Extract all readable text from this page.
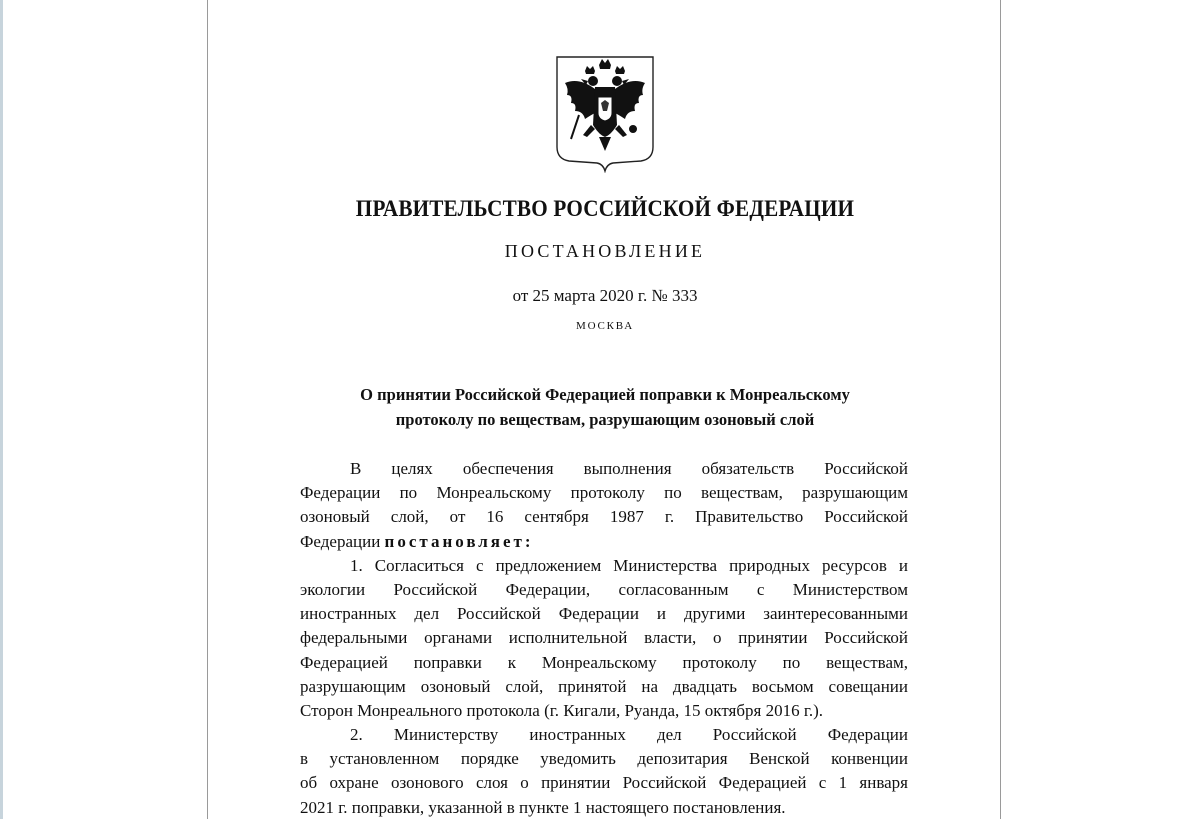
ПРАВИТЕЛЬСТВО РОССИЙСКОЙ ФЕДЕРАЦИИ
ПОСТАНОВЛЕНИЕ
от 25 марта 2020 г. № 333
МОСКВА
О принятии Российской Федерацией поправки к Монреальскому
протоколу по веществам, разрушающим озоновый слой
В целях обеспечения выполнения обязательств Российской
Федерации по Монреальскому протоколу по веществам, разрушающим
озоновый слой, от 16 сентября 1987 г. Правительство Российской
Федерации постановляет:
1. Согласиться с предложением Министерства природных ресурсов и
экологии Российской Федерации, согласованным с Министерством
иностранных дел Российской Федерации и другими заинтересованными
федеральными органами исполнительной власти, о принятии Российской
Федерацией поправки к Монреальскому протоколу по веществам,
разрушающим озоновый слой, принятой на двадцать восьмом совещании
Сторон Монреального протокола (г. Кигали, Руанда, 15 октября 2016 г.).
2. Министерству иностранных дел Российской Федерации
в установленном порядке уведомить депозитария Венской конвенции
об охране озонового слоя о принятии Российской Федерацией с 1 января
2021 г. поправки, указанной в пункте 1 настоящего постановления.
